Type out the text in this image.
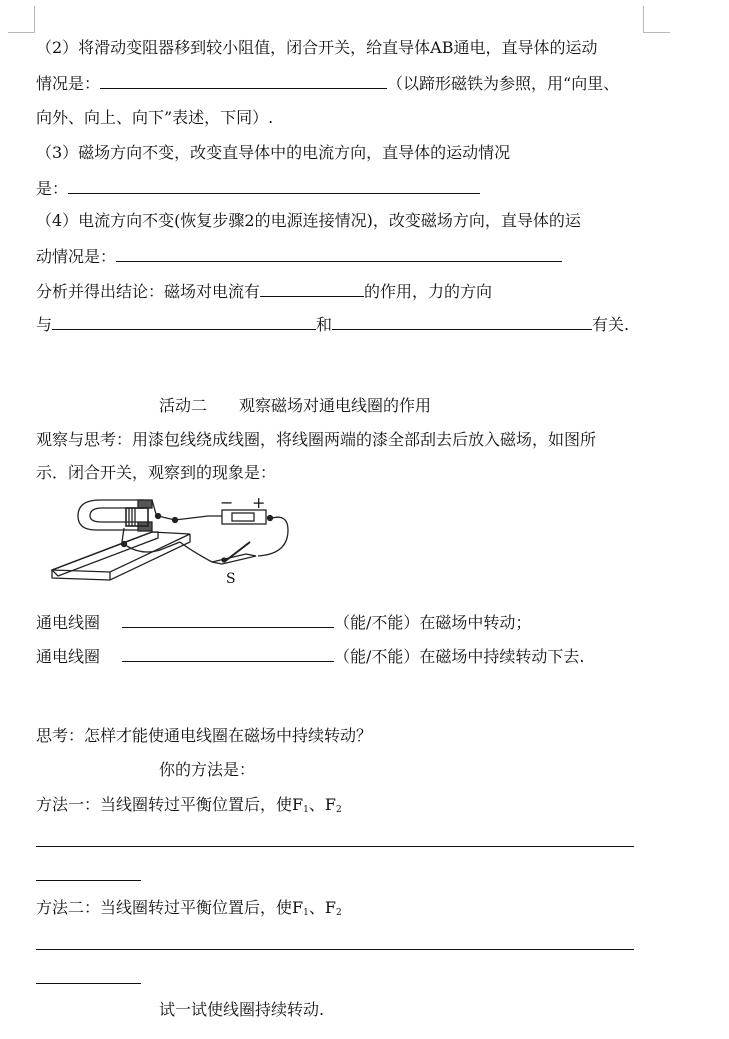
（2）将滑动变阻器移到较小阻值，闭合开关，给直导体AB通电，直导体的运动
情况是：	（以蹄形磁铁为参照，用“向里、
向外、向上、向下”表述，下同）.
（3）磁场方向不变，改变直导体中的电流方向，直导体的运动情况
是：
（4）电流方向不变(恢复步骤2的电源连接情况)，改变磁场方向，直导体的运
动情况是：
分析并得出结论：磁场对电流有	的作用，力的方向
与	和	有关.
活动二　　观察磁场对通电线圈的作用
观察与思考：用漆包线绕成线圈，将线圈两端的漆全部刮去后放入磁场，如图所
示．闭合开关，观察到的现象是：
− +
S
通电线圈	（能/不能）在磁场中转动；
通电线圈	（能/不能）在磁场中持续转动下去.
思考：怎样才能使通电线圈在磁场中持续转动？
你的方法是：
方法一：当线圈转过平衡位置后，使$F_1$、$F_2$
方法二：当线圈转过平衡位置后，使$F_1$、$F_2$
试一试使线圈持续转动.
